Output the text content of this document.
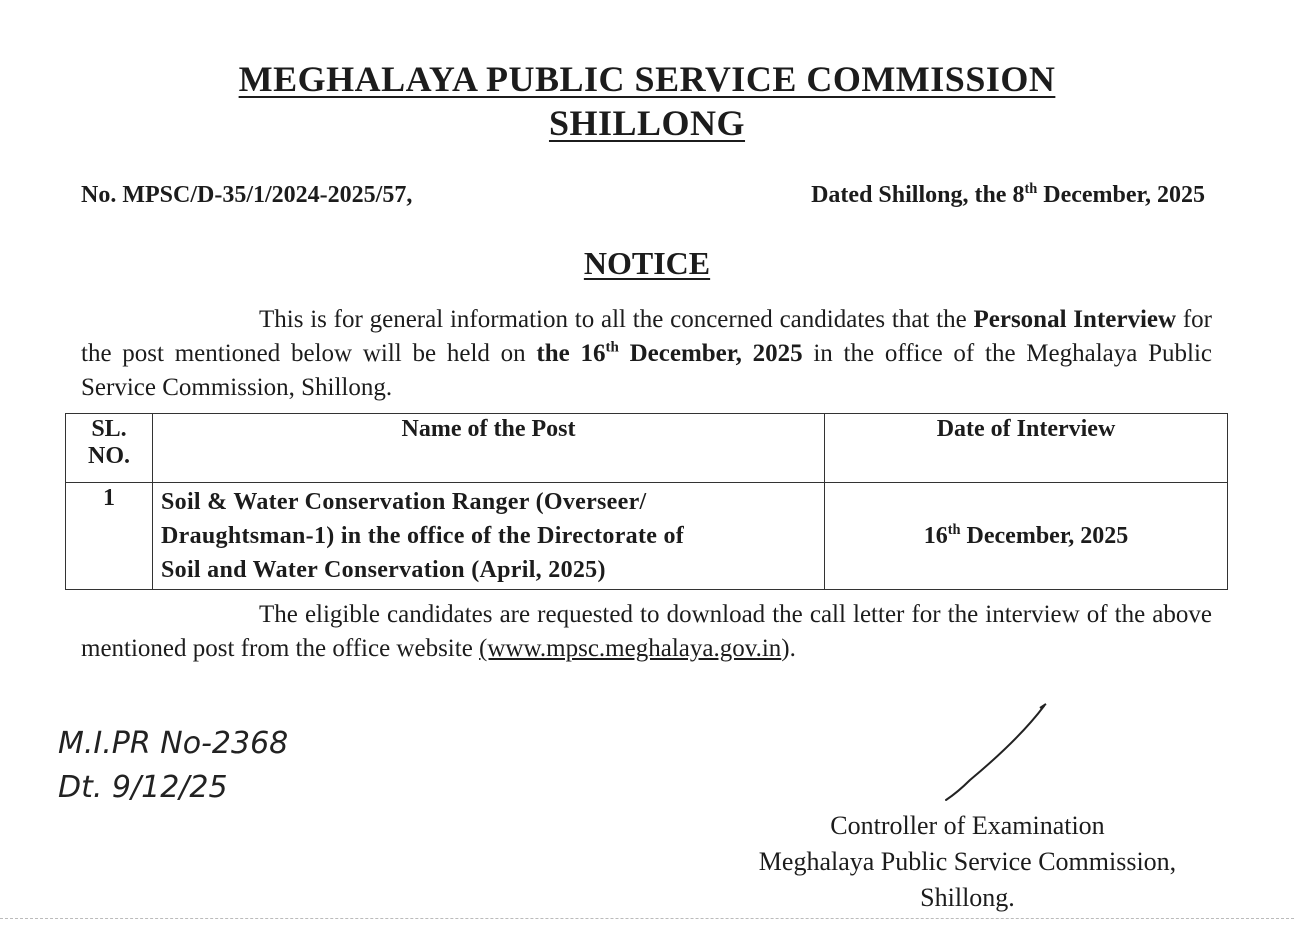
MEGHALAYA PUBLIC SERVICE COMMISSION
SHILLONG
No. MPSC/D-35/1/2024-2025/57,	Dated Shillong, the 8th December, 2025
NOTICE
This is for general information to all the concerned candidates that the Personal Interview for the post mentioned below will be held on the 16th December, 2025 in the office of the Meghalaya Public Service Commission, Shillong.
SL.
NO.	Name of the Post	Date of Interview
1	Soil & Water Conservation Ranger (Overseer/
Draughtsman-1) in the office of the Directorate of
Soil and Water Conservation (April, 2025)	16th December, 2025
The eligible candidates are requested to download the call letter for the interview of the above mentioned post from the office website (www.mpsc.meghalaya.gov.in).
M.I.PR No-2368
Dt. 9/12/25
Controller of Examination
Meghalaya Public Service Commission,
Shillong.
